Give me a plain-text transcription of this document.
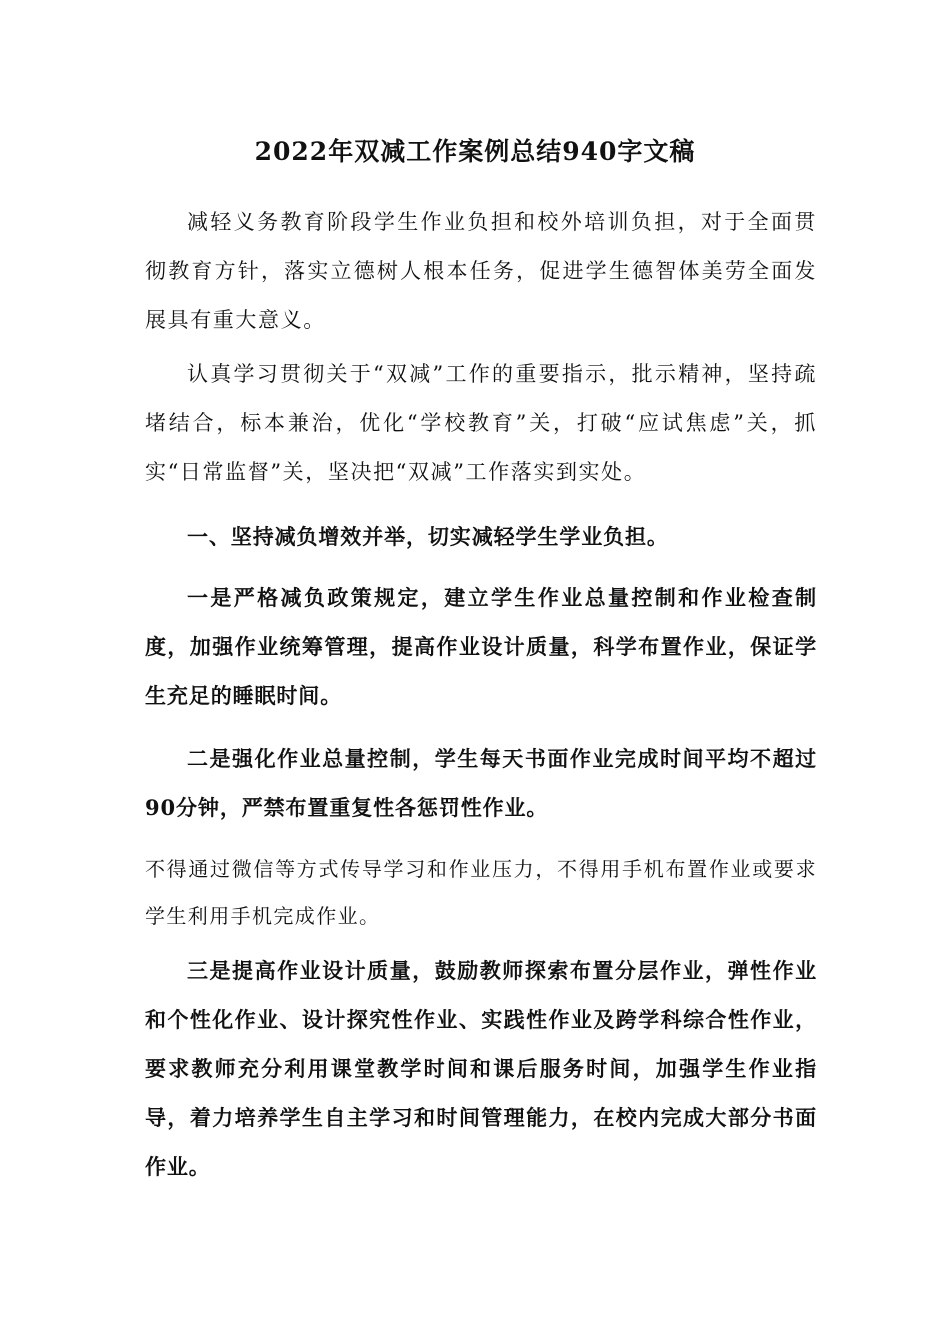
2022年双减工作案例总结940字文稿

减轻义务教育阶段学生作业负担和校外培训负担，对于全面贯彻教育方针，落实立德树人根本任务，促进学生德智体美劳全面发展具有重大意义。

认真学习贯彻关于“双减”工作的重要指示，批示精神，坚持疏堵结合，标本兼治，优化“学校教育”关，打破“应试焦虑”关，抓实“日常监督”关，坚决把“双减”工作落实到实处。

一、坚持减负增效并举，切实减轻学生学业负担。

一是严格减负政策规定，建立学生作业总量控制和作业检查制度，加强作业统筹管理，提高作业设计质量，科学布置作业，保证学生充足的睡眠时间。

二是强化作业总量控制，学生每天书面作业完成时间平均不超过90分钟，严禁布置重复性各惩罚性作业。

不得通过微信等方式传导学习和作业压力，不得用手机布置作业或要求学生利用手机完成作业。

三是提高作业设计质量，鼓励教师探索布置分层作业，弹性作业和个性化作业、设计探究性作业、实践性作业及跨学科综合性作业，要求教师充分利用课堂教学时间和课后服务时间，加强学生作业指导，着力培养学生自主学习和时间管理能力，在校内完成大部分书面作业。
